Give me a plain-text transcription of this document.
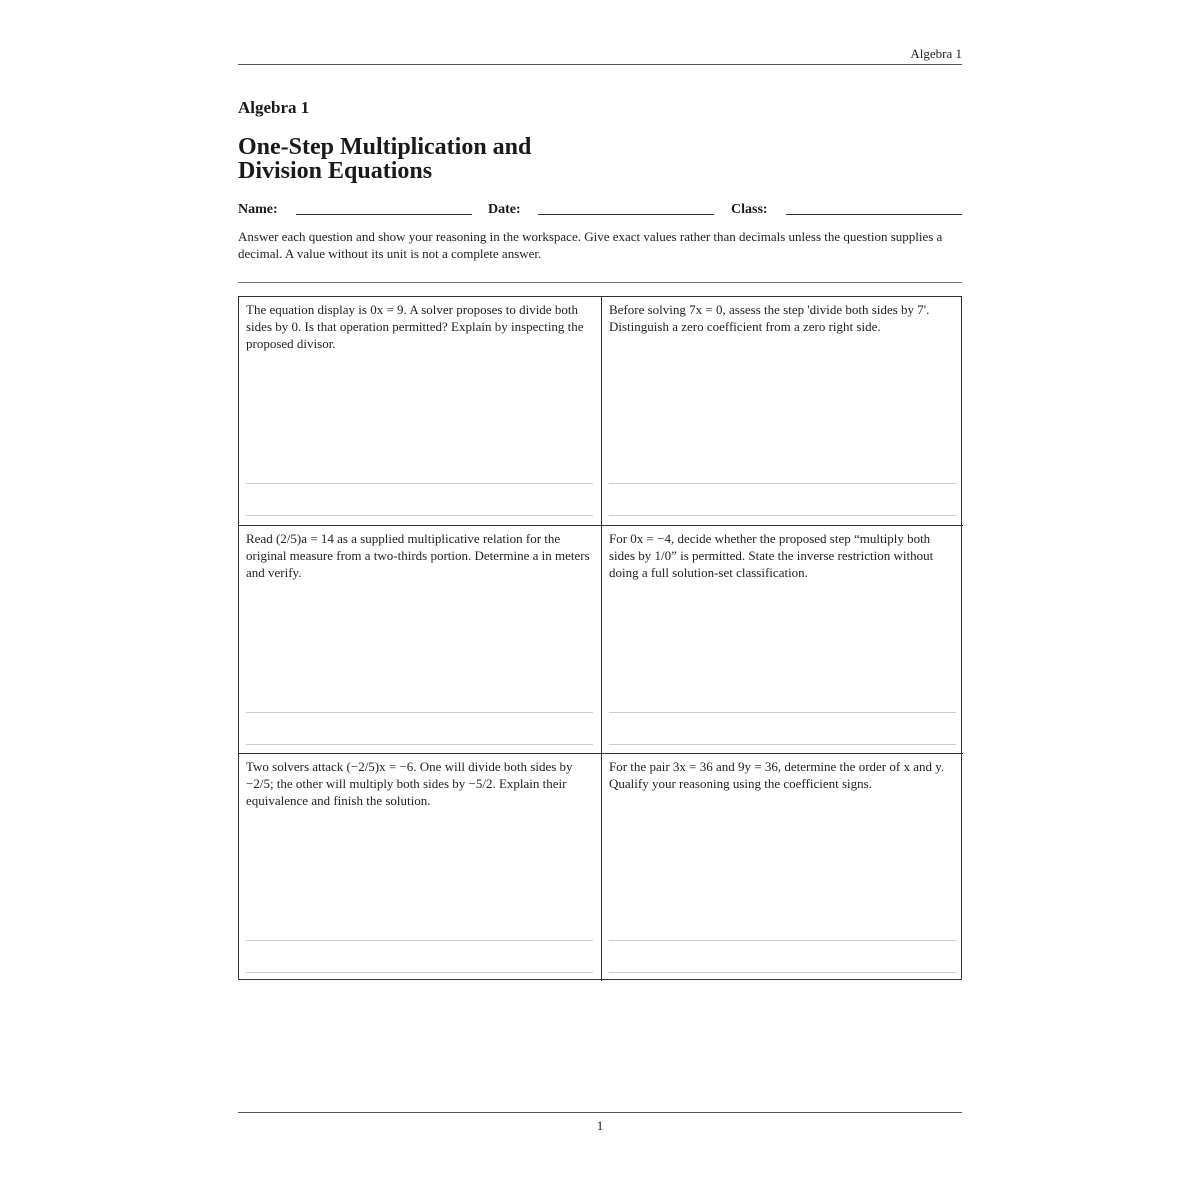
Algebra 1
Algebra 1
One-Step Multiplication and Division Equations
Name:	Date:	Class:
Answer each question and show your reasoning in the workspace. Give exact values rather than decimals unless the question supplies a decimal. A value without its unit is not a complete answer.
The equation display is 0x = 9. A solver proposes to divide both sides by 0. Is that operation permitted? Explain by inspecting the proposed divisor.
Before solving 7x = 0, assess the step 'divide both sides by 7'. Distinguish a zero coefficient from a zero right side.
Read (2/5)a = 14 as a supplied multiplicative relation for the original measure from a two-thirds portion. Determine a in meters and verify.
For 0x = −4, decide whether the proposed step “multiply both sides by 1/0” is permitted. State the inverse restriction without doing a full solution-set classification.
Two solvers attack (−2/5)x = −6. One will divide both sides by −2/5; the other will multiply both sides by −5/2. Explain their equivalence and finish the solution.
For the pair 3x = 36 and 9y = 36, determine the order of x and y. Qualify your reasoning using the coefficient signs.
1
